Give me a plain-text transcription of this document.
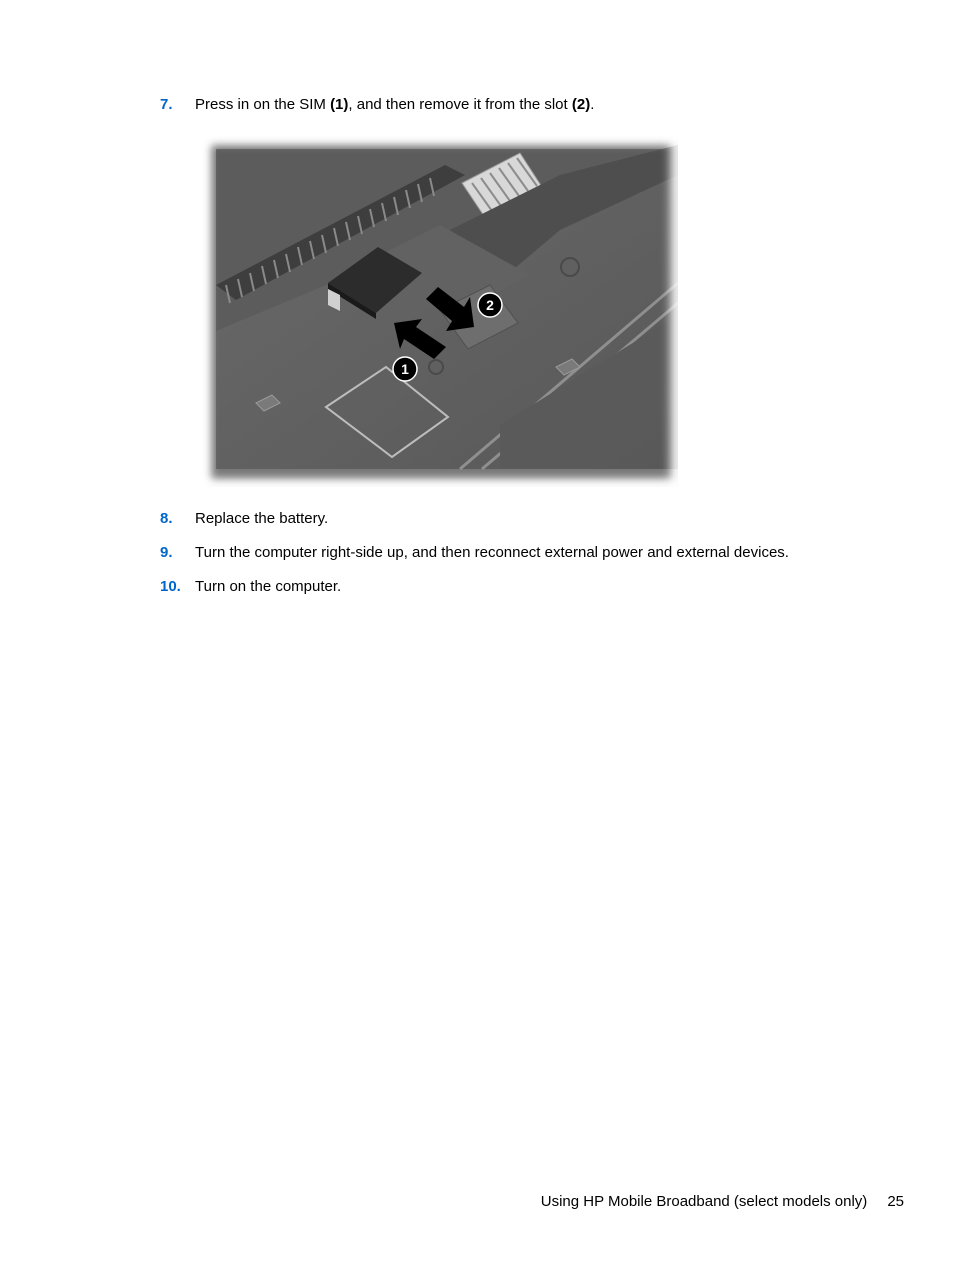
7. Press in on the SIM (1), and then remove it from the slot (2).
1
2
8. Replace the battery.
9. Turn the computer right-side up, and then reconnect external power and external devices.
10. Turn on the computer.
Using HP Mobile Broadband (select models only) 25
